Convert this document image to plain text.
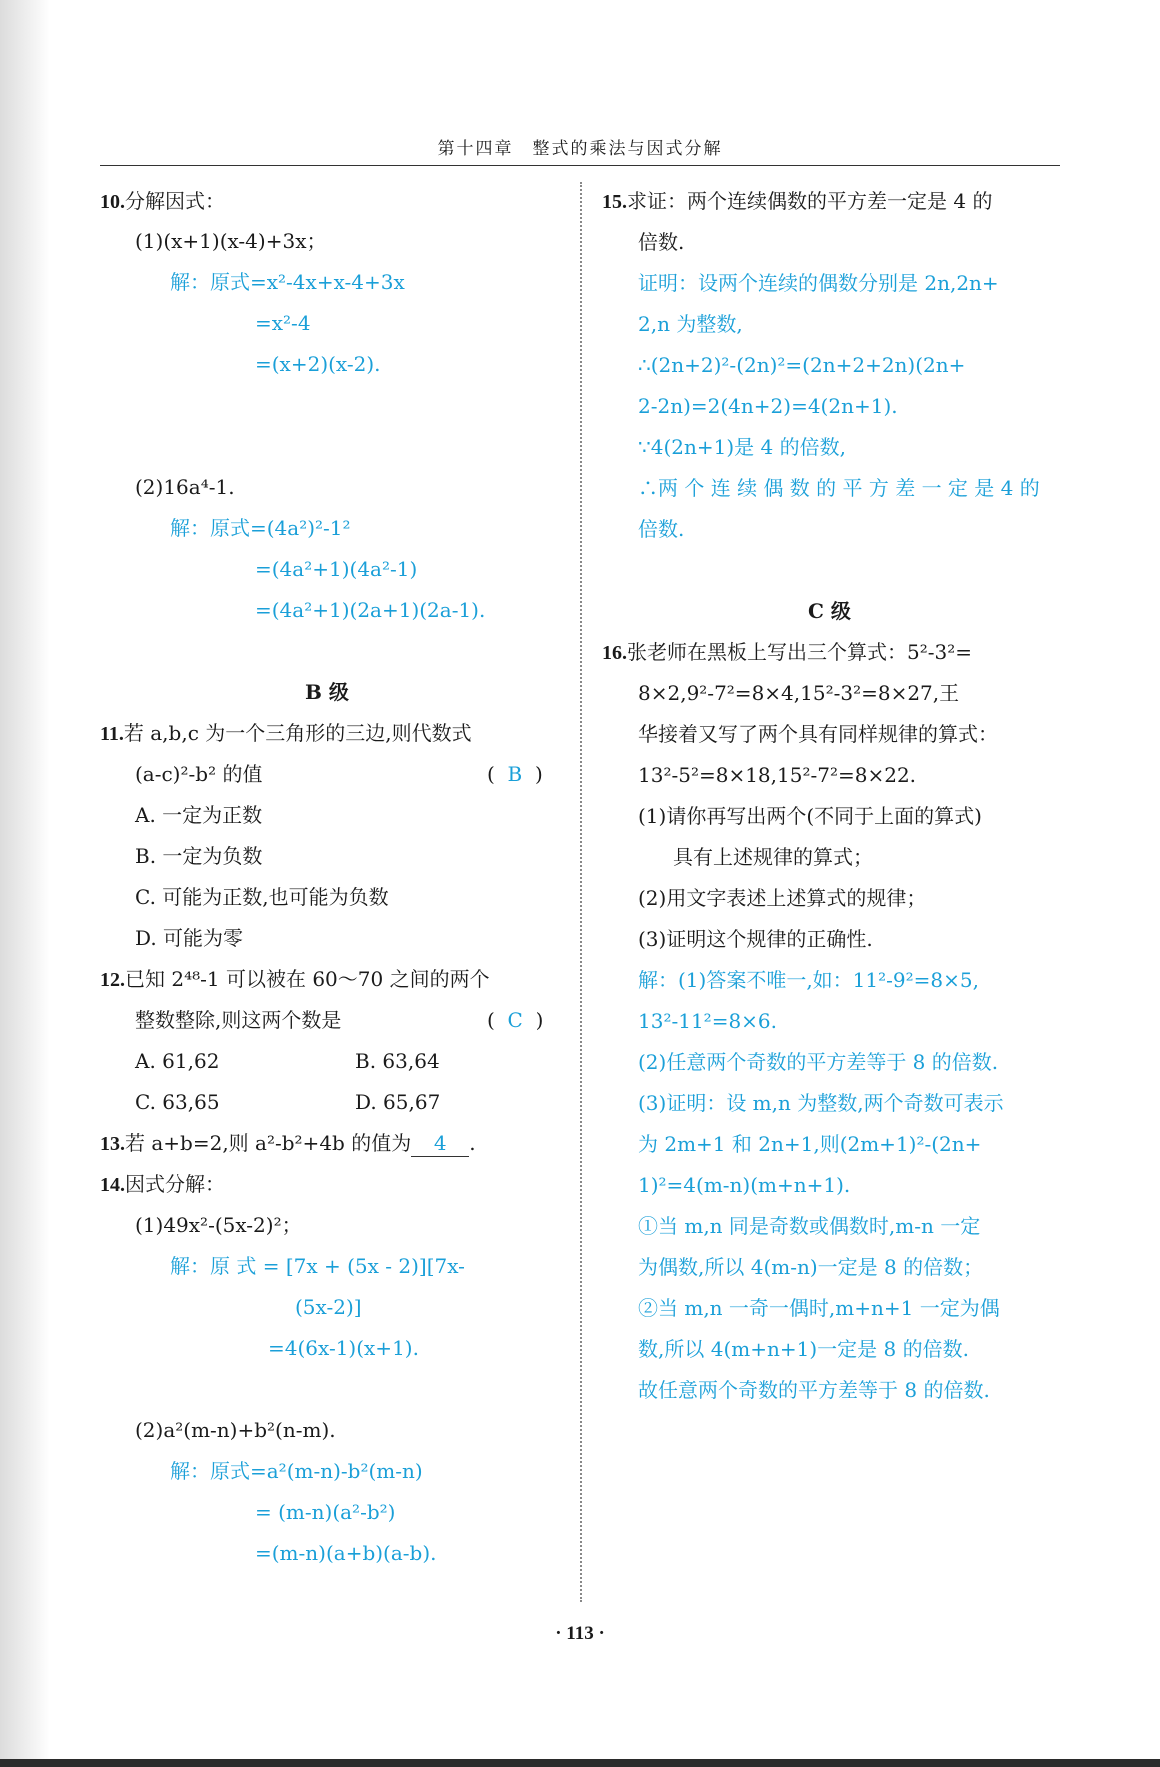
第十四章　整式的乘法与因式分解
10.分解因式：
(1)(x+1)(x-4)+3x；
解：原式=x²-4x+x-4+3x
=x²-4
=(x+2)(x-2).
(2)16a⁴-1.
解：原式=(4a²)²-1²
=(4a²+1)(4a²-1)
=(4a²+1)(2a+1)(2a-1).
B 级
11.若 a,b,c 为一个三角形的三边,则代数式
(a-c)²-b² 的值	( B )
A. 一定为正数
B. 一定为负数
C. 可能为正数,也可能为负数
D. 可能为零
12.已知 2⁴⁸-1 可以被在 60～70 之间的两个
整数整除,则这两个数是	( C )
A. 61,62	B. 63,64
C. 63,65	D. 65,67
13.若 a+b=2,则 a²-b²+4b 的值为 4 .
14.因式分解：
(1)49x²-(5x-2)²；
解：原 式 = [7x + (5x - 2)][7x-
(5x-2)]
=4(6x-1)(x+1).
(2)a²(m-n)+b²(n-m).
解：原式=a²(m-n)-b²(m-n)
= (m-n)(a²-b²)
=(m-n)(a+b)(a-b).
15.求证：两个连续偶数的平方差一定是 4 的
倍数.
证明：设两个连续的偶数分别是 2n,2n+
2,n 为整数,
∴(2n+2)²-(2n)²=(2n+2+2n)(2n+
2-2n)=2(4n+2)=4(2n+1).
∵4(2n+1)是 4 的倍数,
∴两 个 连 续 偶 数 的 平 方 差 一 定 是 4 的
倍数.
C 级
16.张老师在黑板上写出三个算式：5²-3²=
8×2,9²-7²=8×4,15²-3²=8×27,王
华接着又写了两个具有同样规律的算式：
13²-5²=8×18,15²-7²=8×22.
(1)请你再写出两个(不同于上面的算式)
具有上述规律的算式；
(2)用文字表述上述算式的规律；
(3)证明这个规律的正确性.
解：(1)答案不唯一,如：11²-9²=8×5,
13²-11²=8×6.
(2)任意两个奇数的平方差等于 8 的倍数.
(3)证明：设 m,n 为整数,两个奇数可表示
为 2m+1 和 2n+1,则(2m+1)²-(2n+
1)²=4(m-n)(m+n+1).
①当 m,n 同是奇数或偶数时,m-n 一定
为偶数,所以 4(m-n)一定是 8 的倍数；
②当 m,n 一奇一偶时,m+n+1 一定为偶
数,所以 4(m+n+1)一定是 8 的倍数.
故任意两个奇数的平方差等于 8 的倍数.
· 113 ·
